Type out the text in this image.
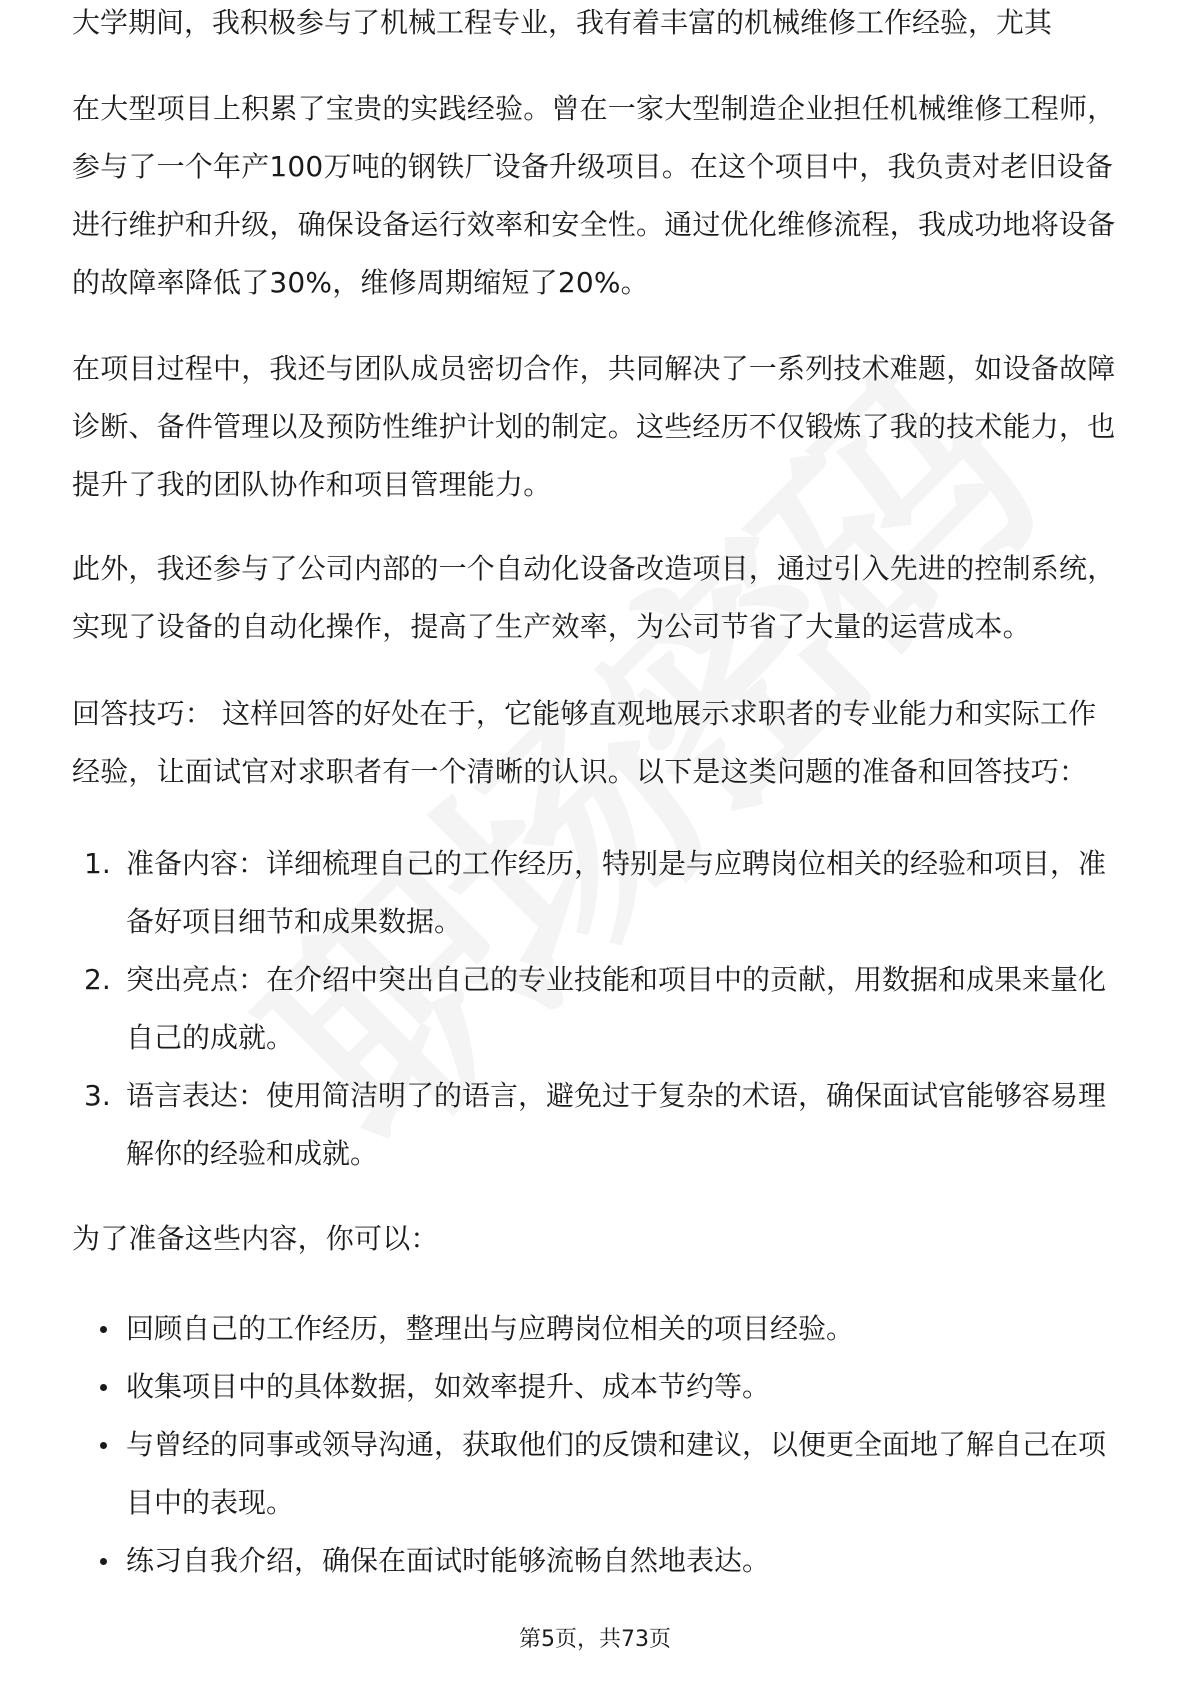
大学期间，我积极参与了机械工程专业，我有着丰富的机械维修工作经验，尤其

在大型项目上积累了宝贵的实践经验。曾在一家大型制造企业担任机械维修工程师，参与了一个年产100万吨的钢铁厂设备升级项目。在这个项目中，我负责对老旧设备进行维护和升级，确保设备运行效率和安全性。通过优化维修流程，我成功地将设备的故障率降低了30%，维修周期缩短了20%。

在项目过程中，我还与团队成员密切合作，共同解决了一系列技术难题，如设备故障诊断、备件管理以及预防性维护计划的制定。这些经历不仅锻炼了我的技术能力，也提升了我的团队协作和项目管理能力。

此外，我还参与了公司内部的一个自动化设备改造项目，通过引入先进的控制系统，实现了设备的自动化操作，提高了生产效率，为公司节省了大量的运营成本。

回答技巧： 这样回答的好处在于，它能够直观地展示求职者的专业能力和实际工作经验，让面试官对求职者有一个清晰的认识。以下是这类问题的准备和回答技巧：

1. 准备内容：详细梳理自己的工作经历，特别是与应聘岗位相关的经验和项目，准备好项目细节和成果数据。
2. 突出亮点：在介绍中突出自己的专业技能和项目中的贡献，用数据和成果来量化自己的成就。
3. 语言表达：使用简洁明了的语言，避免过于复杂的术语，确保面试官能够容易理解你的经验和成就。

为了准备这些内容，你可以：

回顾自己的工作经历，整理出与应聘岗位相关的项目经验。
收集项目中的具体数据，如效率提升、成本节约等。
与曾经的同事或领导沟通，获取他们的反馈和建议，以便更全面地了解自己在项目中的表现。
练习自我介绍，确保在面试时能够流畅自然地表达。
第5页，共73页
